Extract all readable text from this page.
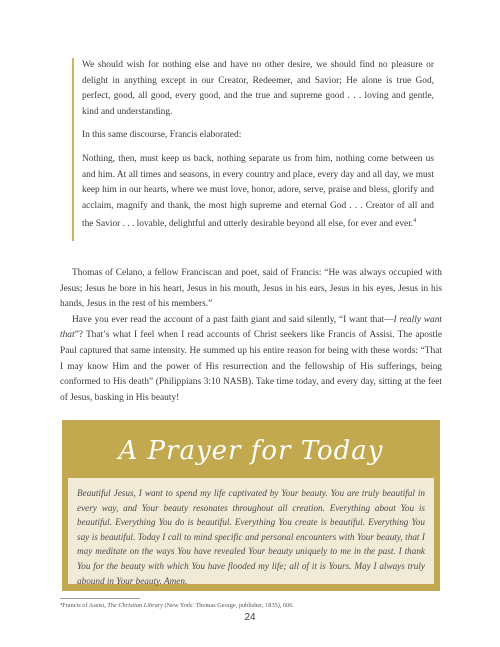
We should wish for nothing else and have no other desire, we should find no pleasure or delight in anything except in our Creator, Redeemer, and Savior; He alone is true God, perfect, good, all good, every good, and the true and supreme good . . . loving and gentle, kind and understanding.

In this same discourse, Francis elaborated:

Nothing, then, must keep us back, nothing separate us from him, nothing come between us and him. At all times and seasons, in every country and place, every day and all day, we must keep him in our hearts, where we must love, honor, adore, serve, praise and bless, glorify and acclaim, magnify and thank, the most high supreme and eternal God . . . Creator of all and the Savior . . . lovable, delightful and utterly desirable beyond all else, for ever and ever.$^4$

Thomas of Celano, a fellow Franciscan and poet, said of Francis: “He was always occupied with Jesus; Jesus he bore in his heart, Jesus in his mouth, Jesus in his ears, Jesus in his eyes, Jesus in his hands, Jesus in the rest of his members.”

Have you ever read the account of a past faith giant and said silently, “I want that—I really want that”? That’s what I feel when I read accounts of Christ seekers like Francis of Assisi. The apostle Paul captured that same intensity. He summed up his entire reason for being with these words: “That I may know Him and the power of His resurrection and the fellowship of His sufferings, being conformed to His death” (Philippians 3:10 NASB). Take time today, and every day, sitting at the feet of Jesus, basking in His beauty!

A Prayer for Today
Beautiful Jesus, I want to spend my life captivated by Your beauty. You are truly beautiful in every way, and Your beauty resonates throughout all creation. Everything about You is beautiful. Everything You do is beautiful. Everything You create is beautiful. Everything You say is beautiful. Today I call to mind specific and personal encounters with Your beauty, that I may meditate on the ways You have revealed Your beauty uniquely to me in the past. I thank You for the beauty with which You have flooded my life; all of it is Yours. May I always truly abound in Your beauty. Amen.
⁴Francis of Assisi, The Christian Library (New York: Thomas George, publisher, 1835), 606.
24
